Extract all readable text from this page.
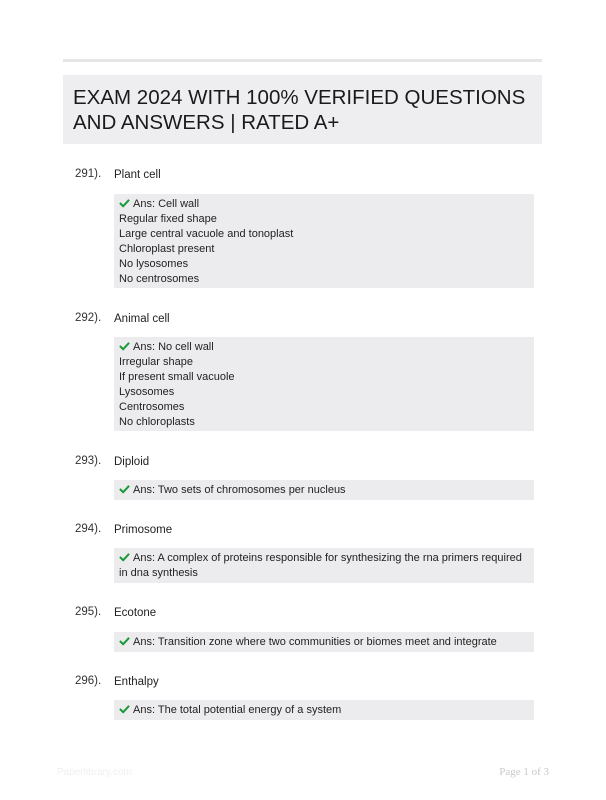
EXAM 2024 WITH 100% VERIFIED QUESTIONS AND ANSWERS | RATED A+
291). Plant cell
Ans: Cell wall
Regular fixed shape
Large central vacuole and tonoplast
Chloroplast present
No lysosomes
No centrosomes
292). Animal cell
Ans: No cell wall
Irregular shape
If present small vacuole
Lysosomes
Centrosomes
No chloroplasts
293). Diploid
Ans: Two sets of chromosomes per nucleus
294). Primosome
Ans: A complex of proteins responsible for synthesizing the rna primers required in dna synthesis
295). Ecotone
Ans: Transition zone where two communities or biomes meet and integrate
296). Enthalpy
Ans: The total potential energy of a system
Paperlibrary.com	Page 1 of 3
